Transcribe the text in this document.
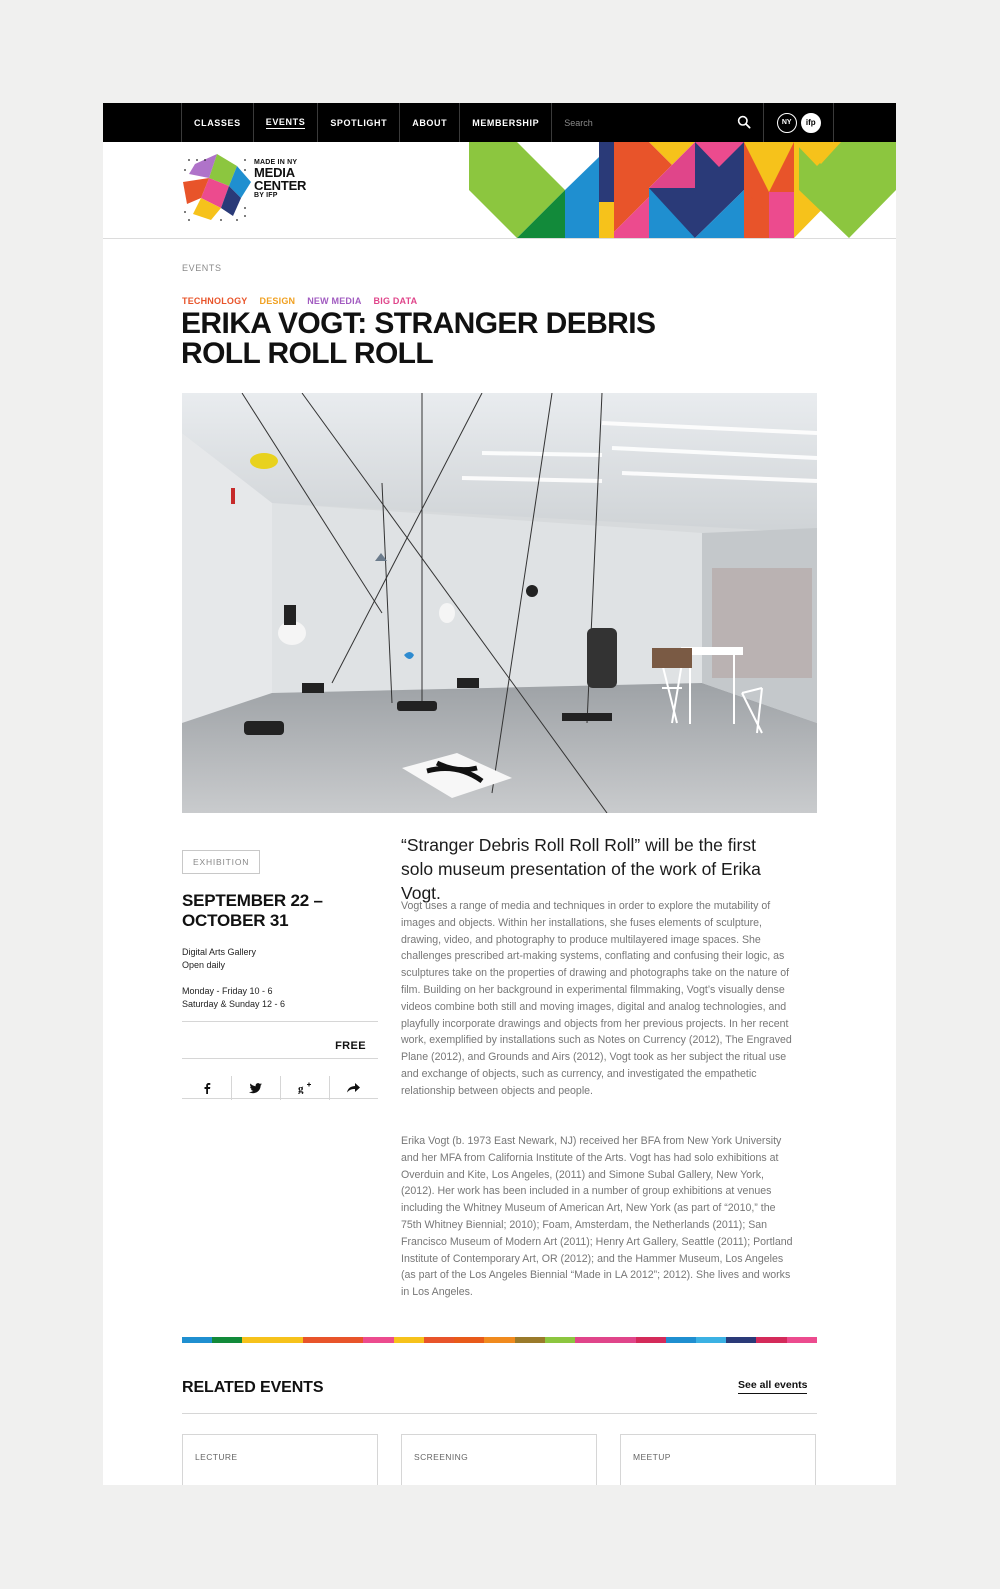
CLASSES	EVENTS	SPOTLIGHT	ABOUT	MEMBERSHIP
Search	NY	ifp
MADE IN NY
MEDIA
CENTER
BY IFP
EVENTS
TECHNOLOGY DESIGN NEW MEDIA BIG DATA
ERIKA VOGT: STRANGER DEBRIS
ROLL ROLL ROLL
EXHIBITION
SEPTEMBER 22 –
OCTOBER 31
Digital Arts Gallery
Open daily
Monday - Friday 10 - 6
Saturday & Sunday 12 - 6
FREE
g

“Stranger Debris Roll Roll Roll” will be the first solo museum presentation of the work of Erika Vogt.

Vogt uses a range of media and techniques in order to explore the mutability of images and objects. Within her installations, she fuses elements of sculpture, drawing, video, and photography to produce multilayered image spaces. She challenges prescribed art-making systems, conflating and confusing their logic, as sculptures take on the properties of drawing and photographs take on the nature of film. Building on her background in experimental filmmaking, Vogt’s visually dense videos combine both still and moving images, digital and analog technologies, and playfully incorporate drawings and objects from her previous projects. In her recent work, exemplified by installations such as Notes on Currency (2012), The Engraved Plane (2012), and Grounds and Airs (2012), Vogt took as her subject the ritual use and exchange of objects, such as currency, and investigated the empathetic relationship between objects and people.

Erika Vogt (b. 1973 East Newark, NJ) received her BFA from New York University and her MFA from California Institute of the Arts. Vogt has had solo exhibitions at Overduin and Kite, Los Angeles, (2011) and Simone Subal Gallery, New York, (2012). Her work has been included in a number of group exhibitions at venues including the Whitney Museum of American Art, New York (as part of “2010,” the 75th Whitney Biennial; 2010); Foam, Amsterdam, the Netherlands (2011); San Francisco Museum of Modern Art (2011); Henry Art Gallery, Seattle (2011); Portland Institute of Contemporary Art, OR (2012); and the Hammer Museum, Los Angeles (as part of the Los Angeles Biennial “Made in LA 2012”; 2012). She lives and works in Los Angeles.

RELATED EVENTS	See all events
LECTURE	SCREENING	MEETUP
